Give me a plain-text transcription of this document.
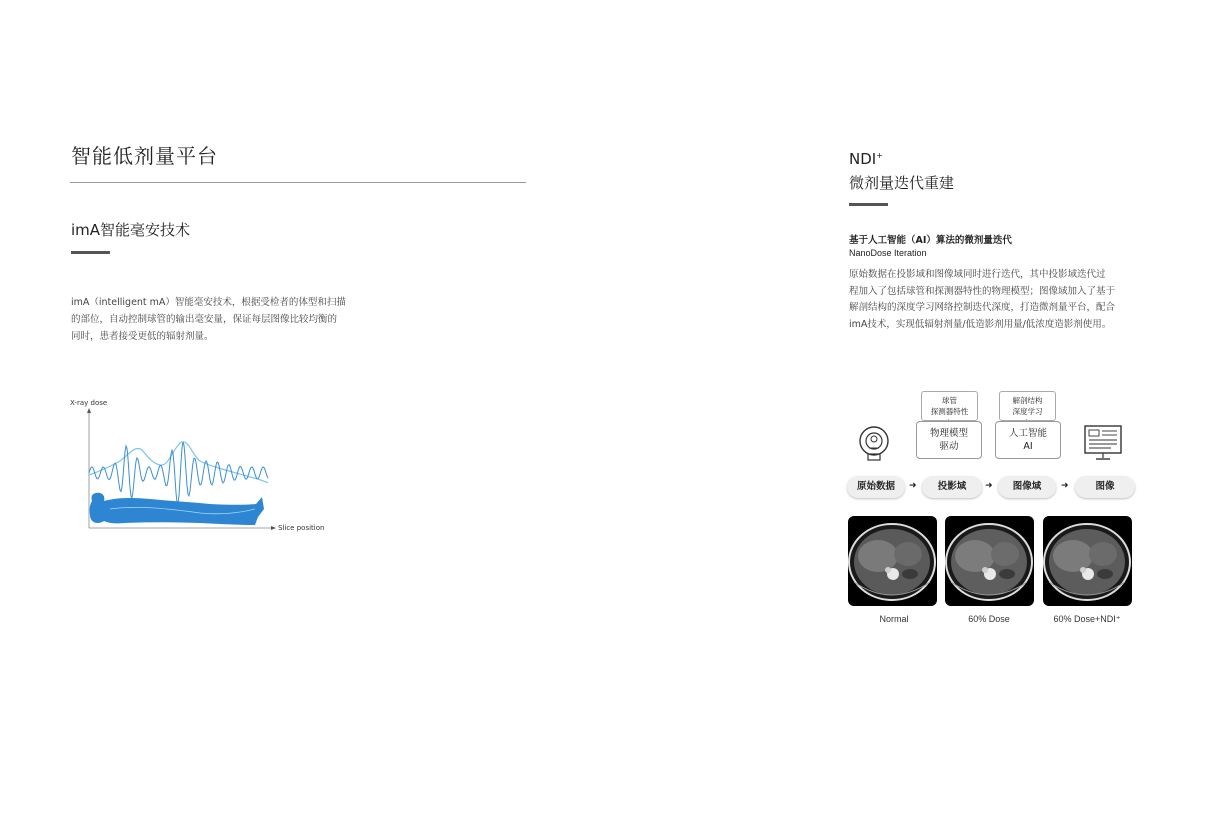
智能低剂量平台
imA智能毫安技术
imA（intelligent mA）智能毫安技术，根据受检者的体型和扫描
的部位，自动控制球管的输出毫安量，保证每层图像比较均衡的
同时，患者接受更低的辐射剂量。
X-ray dose
Slice position
NDI+
微剂量迭代重建
基于人工智能（AI）算法的微剂量迭代
NanoDose Iteration
原始数据在投影域和图像域同时进行迭代，其中投影域迭代过
程加入了包括球管和探测器特性的物理模型；图像域加入了基于
解剖结构的深度学习网络控制迭代深度，打造微剂量平台，配合
imA技术，实现低辐射剂量/低造影剂用量/低浓度造影剂使用。
球管
探测器特性
解剖结构
深度学习
物理模型
驱动
人工智能
AI
原始数据	➜	投影域	➜	图像域	➜	图像
Normal	60% Dose	60% Dose+NDI⁺
